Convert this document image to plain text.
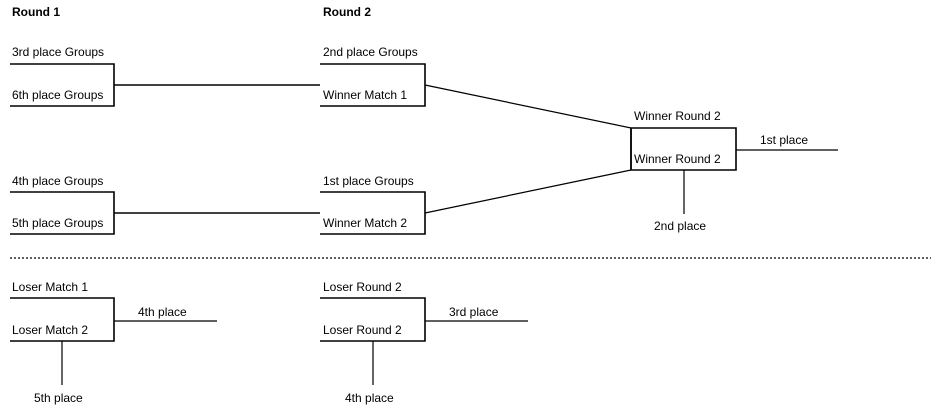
Round 1	Round 2
3rd place Groups
6th place Groups
4th place Groups
5th place Groups
2nd place Groups
Winner Match 1
1st place Groups
Winner Match 2
Winner Round 2
Winner Round 2
1st place
2nd place
Loser Match 1
Loser Match 2
4th place
5th place
Loser Round 2
Loser Round 2
3rd place
4th place
